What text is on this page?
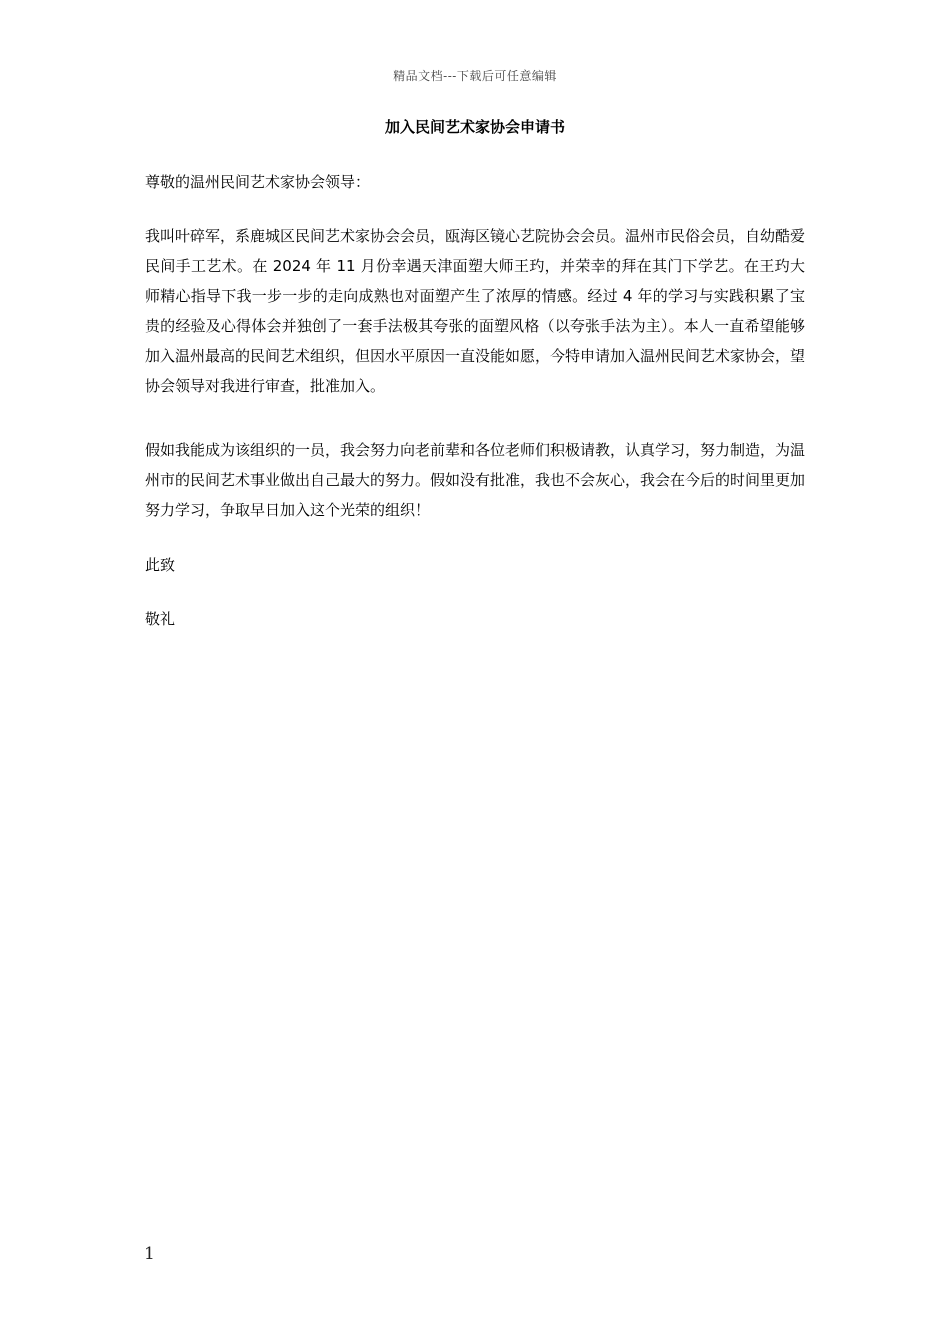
精品文档---下载后可任意编辑
加入民间艺术家协会申请书

尊敬的温州民间艺术家协会领导：

我叫叶碎军，系鹿城区民间艺术家协会会员，瓯海区镜心艺院协会会员。温州市民俗会员，自幼酷爱民间手工艺术。在 2024 年 11 月份幸遇天津面塑大师王玓，并荣幸的拜在其门下学艺。在王玓大师精心指导下我一步一步的走向成熟也对面塑产生了浓厚的情感。经过 4 年的学习与实践积累了宝贵的经验及心得体会并独创了一套手法极其夸张的面塑风格（以夸张手法为主）。本人一直希望能够加入温州最高的民间艺术组织，但因水平原因一直没能如愿，今特申请加入温州民间艺术家协会，望协会领导对我进行审查，批准加入。

假如我能成为该组织的一员，我会努力向老前辈和各位老师们积极请教，认真学习，努力制造，为温州市的民间艺术事业做出自己最大的努力。假如没有批准，我也不会灰心，我会在今后的时间里更加努力学习，争取早日加入这个光荣的组织！

此致

敬礼

1
